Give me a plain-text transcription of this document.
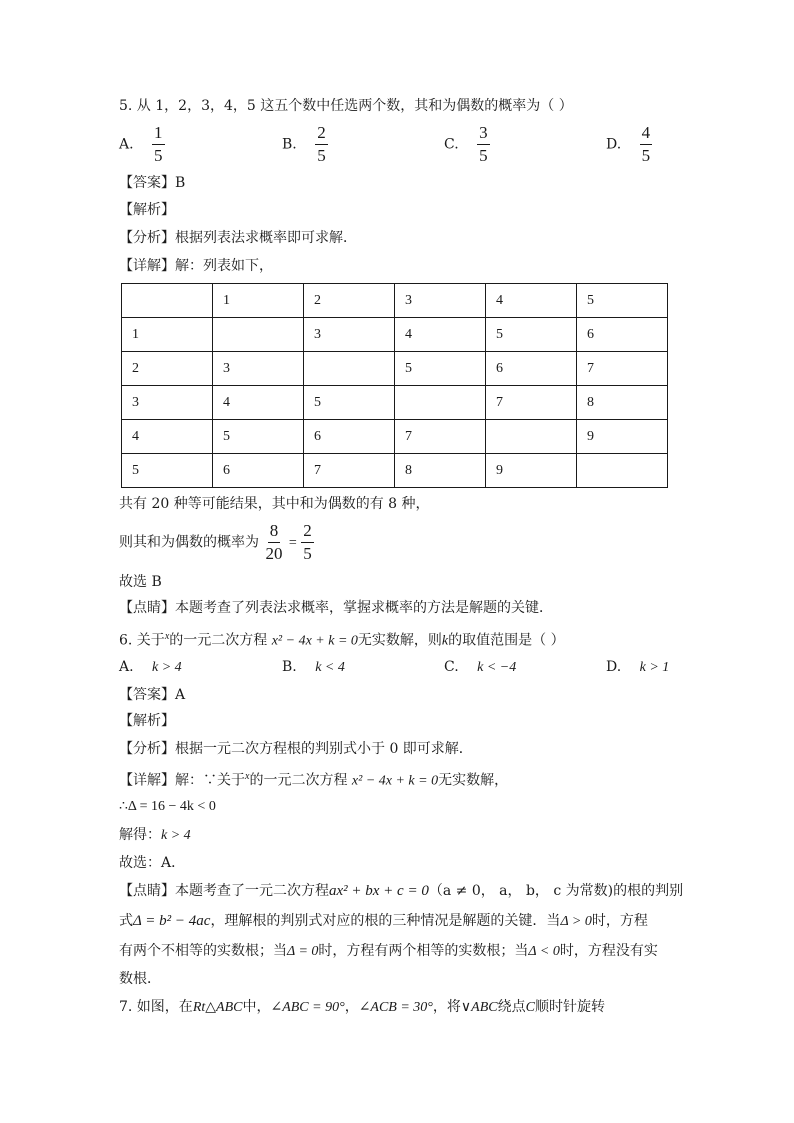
5. 从 1，2，3，4，5 这五个数中任选两个数，其和为偶数的概率为（ ）
A. $\frac{1}{5}$	B. $\frac{2}{5}$	C. $\frac{3}{5}$	D. $\frac{4}{5}$
【答案】B
【解析】
【分析】根据列表法求概率即可求解．
【详解】解：列表如下，
	1	2	3	4	5
1		3	4	5	6
2	3		5	6	7
3	4	5		7	8
4	5	6	7		9
5	6	7	8	9	
共有 20 种等可能结果，其中和为偶数的有 8 种，
则其和为偶数的概率为 $\frac{8}{20} = \frac{2}{5}$
故选 B
【点睛】本题考查了列表法求概率，掌握求概率的方法是解题的关键．
6. 关于$^x$的一元二次方程 x² − 4x + k = 0无实数解，则k的取值范围是（ ）
A. k > 4	B. k < 4	C. k < −4	D. k > 1
【答案】A
【解析】
【分析】根据一元二次方程根的判别式小于 0 即可求解．
【详解】解：∵关于$^x$的一元二次方程 x² − 4x + k = 0无实数解，
∴Δ = 16 − 4k < 0
解得：k > 4
故选：A．
【点睛】本题考查了一元二次方程ax² + bx + c = 0（a ≠ 0， a， b， c 为常数)的根的判别
式Δ = b² − 4ac，理解根的判别式对应的根的三种情况是解题的关键．当Δ > 0时，方程
有两个不相等的实数根；当Δ = 0时，方程有两个相等的实数根；当Δ < 0时，方程没有实
数根．
7. 如图，在Rt△ABC中，∠ABC = 90°，∠ACB = 30°，将∨ABC绕点C顺时针旋转
